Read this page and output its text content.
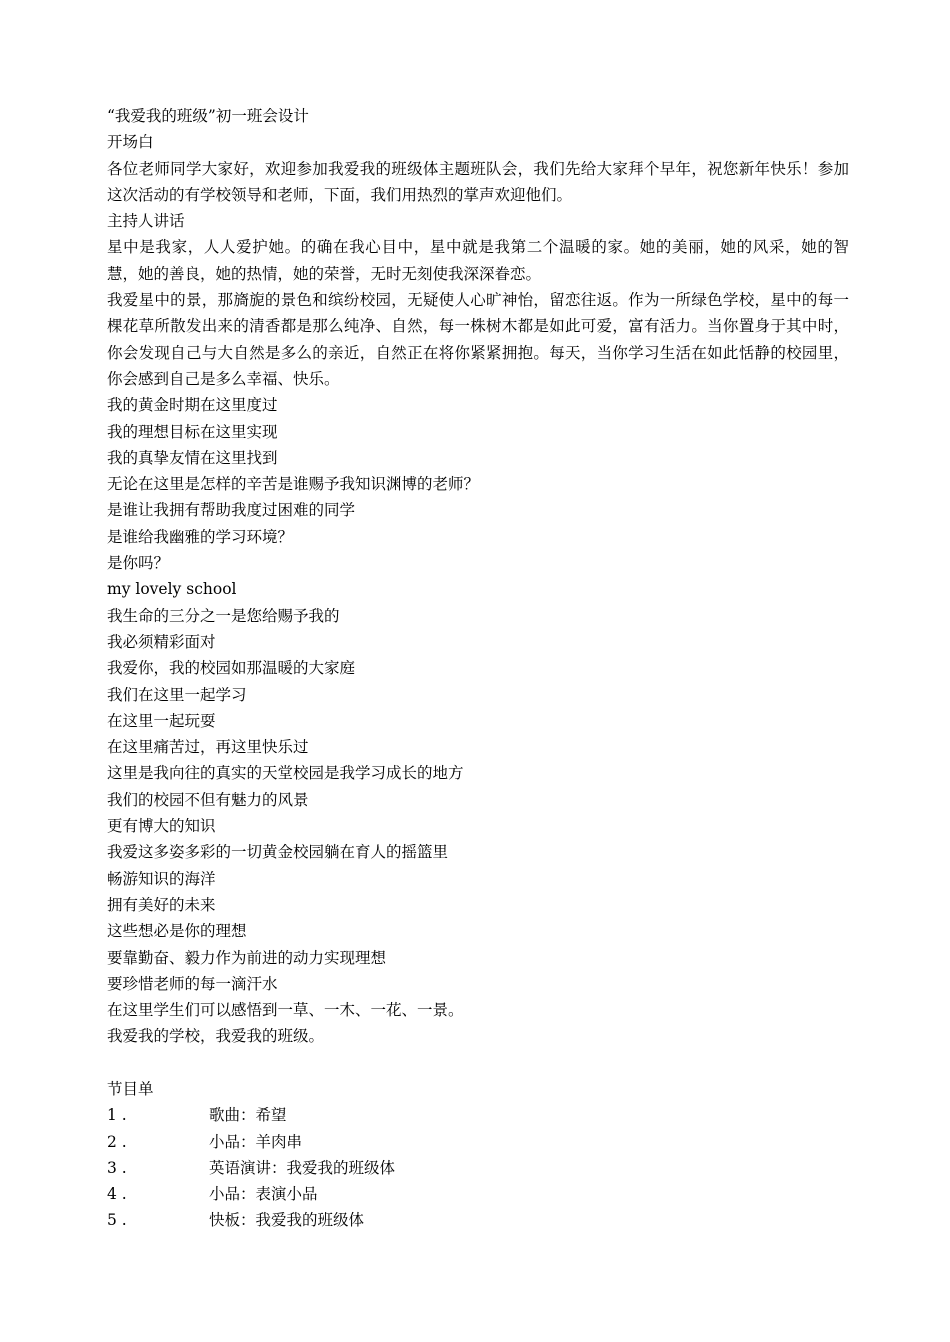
“我爱我的班级”初一班会设计
开场白
各位老师同学大家好，欢迎参加我爱我的班级体主题班队会，我们先给大家拜个早年，祝您新年快乐！参加这次活动的有学校领导和老师，下面，我们用热烈的掌声欢迎他们。
主持人讲话
星中是我家，人人爱护她。的确在我心目中，星中就是我第二个温暖的家。她的美丽，她的风采，她的智慧，她的善良，她的热情，她的荣誉，无时无刻使我深深眷恋。
我爱星中的景，那旖旎的景色和缤纷校园，无疑使人心旷神怡，留恋往返。作为一所绿色学校，星中的每一棵花草所散发出来的清香都是那么纯净、自然，每一株树木都是如此可爱，富有活力。当你置身于其中时，你会发现自己与大自然是多么的亲近，自然正在将你紧紧拥抱。每天，当你学习生活在如此恬静的校园里，你会感到自己是多么幸福、快乐。
我的黄金时期在这里度过
我的理想目标在这里实现
我的真挚友情在这里找到
无论在这里是怎样的辛苦是谁赐予我知识渊博的老师？
是谁让我拥有帮助我度过困难的同学
是谁给我幽雅的学习环境？
是你吗？
my lovely school
我生命的三分之一是您给赐予我的
我必须精彩面对
我爱你，我的校园如那温暖的大家庭
我们在这里一起学习
在这里一起玩耍
在这里痛苦过，再这里快乐过
这里是我向往的真实的天堂校园是我学习成长的地方
我们的校园不但有魅力的风景
更有博大的知识
我爱这多姿多彩的一切黄金校园躺在育人的摇篮里
畅游知识的海洋
拥有美好的未来
这些想必是你的理想
要靠勤奋、毅力作为前进的动力实现理想
要珍惜老师的每一滴汗水
在这里学生们可以感悟到一草、一木、一花、一景。
我爱我的学校，我爱我的班级。
节目单
1 .	歌曲：希望
2 .	小品：羊肉串
3 .	英语演讲：我爱我的班级体
4 .	小品：表演小品
5 .	快板：我爱我的班级体
